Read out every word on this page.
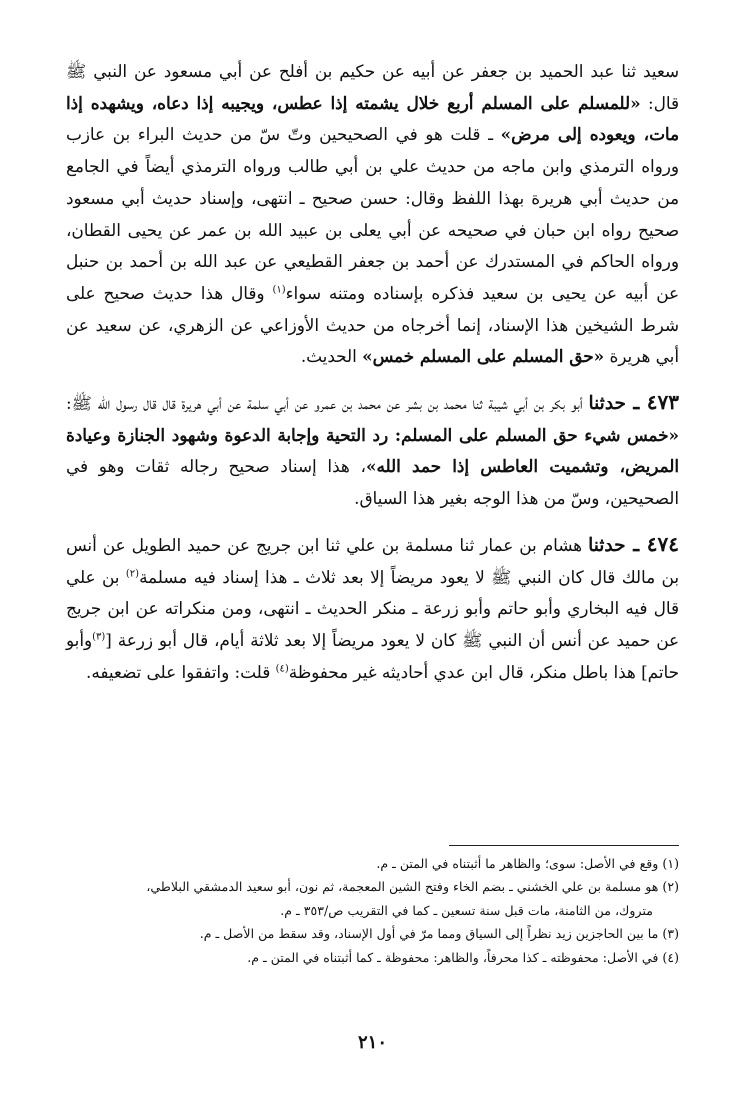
سعيد ثنا عبد الحميد بن جعفر عن أبيه عن حكيم بن أفلح عن أبي مسعود عن النبي ﷺ قال: «للمسلم على المسلم أربع خلال يشمته إذا عطس، ويجيبه إذا دعاه، ويشهده إذا مات، ويعوده إلى مرض» ـ قلت هو في الصحيحين وتّ سّ من حديث البراء بن عازب ورواه الترمذي وابن ماجه من حديث علي بن أبي طالب ورواه الترمذي أيضاً في الجامع من حديث أبي هريرة بهذا اللفظ وقال: حسن صحيح ـ انتهى، وإسناد حديث أبي مسعود صحيح رواه ابن حبان في صحيحه عن أبي يعلى بن عبيد الله بن عمر عن يحيى القطان، ورواه الحاكم في المستدرك عن أحمد بن جعفر القطيعي عن عبد الله بن أحمد بن حنبل عن أبيه عن يحيى بن سعيد فذكره بإسناده ومتنه سواء$^{(١)}$ وقال هذا حديث صحيح على شرط الشيخين هذا الإسناد، إنما أخرجاه من حديث الأوزاعي عن الزهري، عن سعيد عن أبي هريرة «حق المسلم على المسلم خمس» الحديث.

٤٧٣ ـ حدثنا أبو بكر بن أبي شيبة ثنا محمد بن بشر عن محمد بن عمرو عن أبي سلمة عن أبي هريرة قال قال رسول الله ﷺ: «خمس شيء حق المسلم على المسلم: رد التحية وإجابة الدعوة وشهود الجنازة وعيادة المريض، وتشميت العاطس إذا حمد الله»، هذا إسناد صحيح رجاله ثقات وهو في الصحيحين، وسّ من هذا الوجه بغير هذا السياق.

٤٧٤ ـ حدثنا هشام بن عمار ثنا مسلمة بن علي ثنا ابن جريج عن حميد الطويل عن أنس بن مالك قال كان النبي ﷺ لا يعود مريضاً إلا بعد ثلاث ـ هذا إسناد فيه مسلمة$^{(٢)}$ بن علي قال فيه البخاري وأبو حاتم وأبو زرعة ـ منكر الحديث ـ انتهى، ومن منكراته عن ابن جريج عن حميد عن أنس أن النبي ﷺ كان لا يعود مريضاً إلا بعد ثلاثة أيام، قال أبو زرعة [$^{(٣)}$وأبو حاتم] هذا باطل منكر، قال ابن عدي أحاديثه غير محفوظة$^{(٤)}$ قلت: واتفقوا على تضعيفه.

(١) وقع في الأصل: سوى؛ والظاهر ما أثبتناه في المتن ـ م.

(٢) هو مسلمة بن علي الخشني ـ بضم الخاء وفتح الشين المعجمة، ثم نون، أبو سعيد الدمشقي البلاطي،

متروك، من الثامنة، مات قبل سنة تسعين ـ كما في التقريب ص/٣٥٣ ـ م.

(٣) ما بين الحاجزين زيد نظراً إلى السياق ومما مرّ في أول الإسناد، وقد سقط من الأصل ـ م.

(٤) في الأصل: محفوظته ـ كذا محرفاً، والظاهر: محفوظة ـ كما أثبتناه في المتن ـ م.

٢١٠
